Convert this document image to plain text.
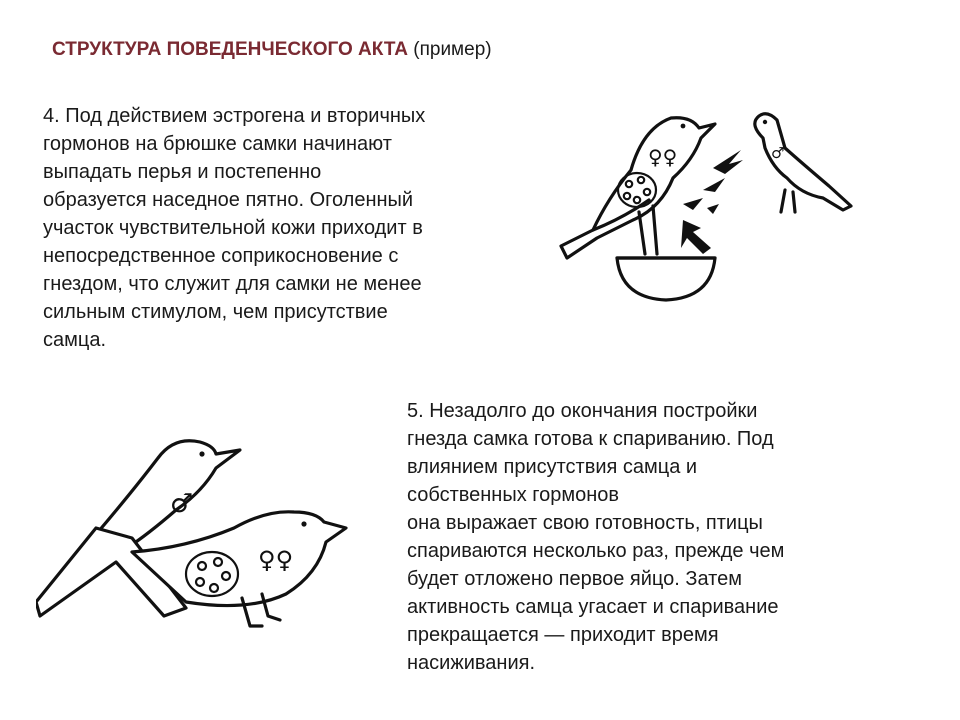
СТРУКТУРА ПОВЕДЕНЧЕСКОГО АКТА (пример)
4. Под действием эстрогена и вторичных
гормонов на брюшке самки начинают
выпадать перья и постепенно
образуется наседное пятно. Оголенный
участок чувствительной кожи приходит в
непосредственное соприкосновение с
гнездом, что служит для самки не менее
сильным стимулом, чем присутствие
самца.
5. Незадолго до окончания постройки
гнезда самка готова к спариванию. Под
влиянием присутствия самца и
собственных гормонов
она выражает свою готовность, птицы
спариваются несколько раз, прежде чем
будет отложено первое яйцо. Затем
активность самца угасает и спаривание
прекращается — приходит время
насиживания.
♀♀	♂
♂
♀♀
